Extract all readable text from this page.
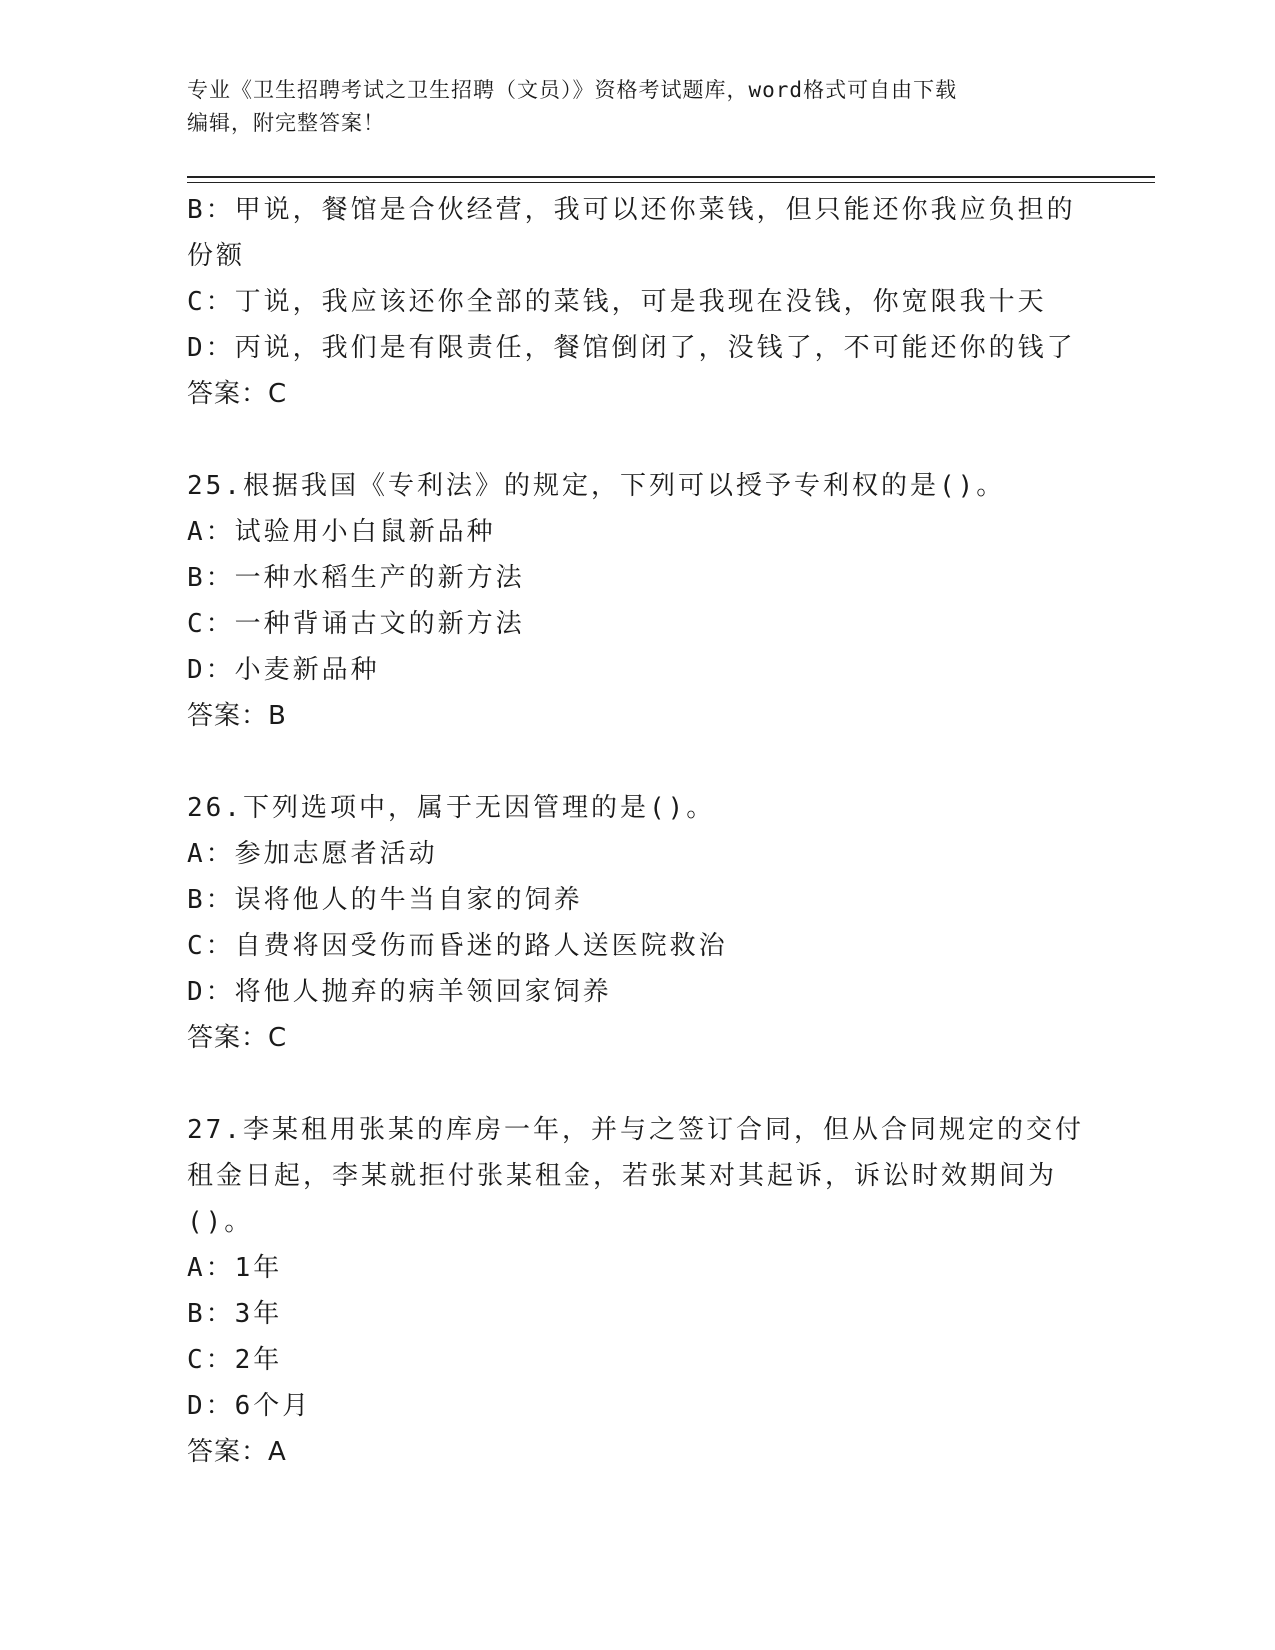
专业《卫生招聘考试之卫生招聘（文员）》资格考试题库，word格式可自由下载
编辑，附完整答案！

B：甲说，餐馆是合伙经营，我可以还你菜钱，但只能还你我应负担的

份额

C：丁说，我应该还你全部的菜钱，可是我现在没钱，你宽限我十天

D：丙说，我们是有限责任，餐馆倒闭了，没钱了，不可能还你的钱了

答案：C

25.根据我国《专利法》的规定，下列可以授予专利权的是()。

A：试验用小白鼠新品种

B：一种水稻生产的新方法

C：一种背诵古文的新方法

D：小麦新品种

答案：B

26.下列选项中，属于无因管理的是()。

A：参加志愿者活动

B：误将他人的牛当自家的饲养

C：自费将因受伤而昏迷的路人送医院救治

D：将他人抛弃的病羊领回家饲养

答案：C

27.李某租用张某的库房一年，并与之签订合同，但从合同规定的交付

租金日起，李某就拒付张某租金，若张某对其起诉，诉讼时效期间为

()。

A：1年

B：3年

C：2年

D：6个月

答案：A
